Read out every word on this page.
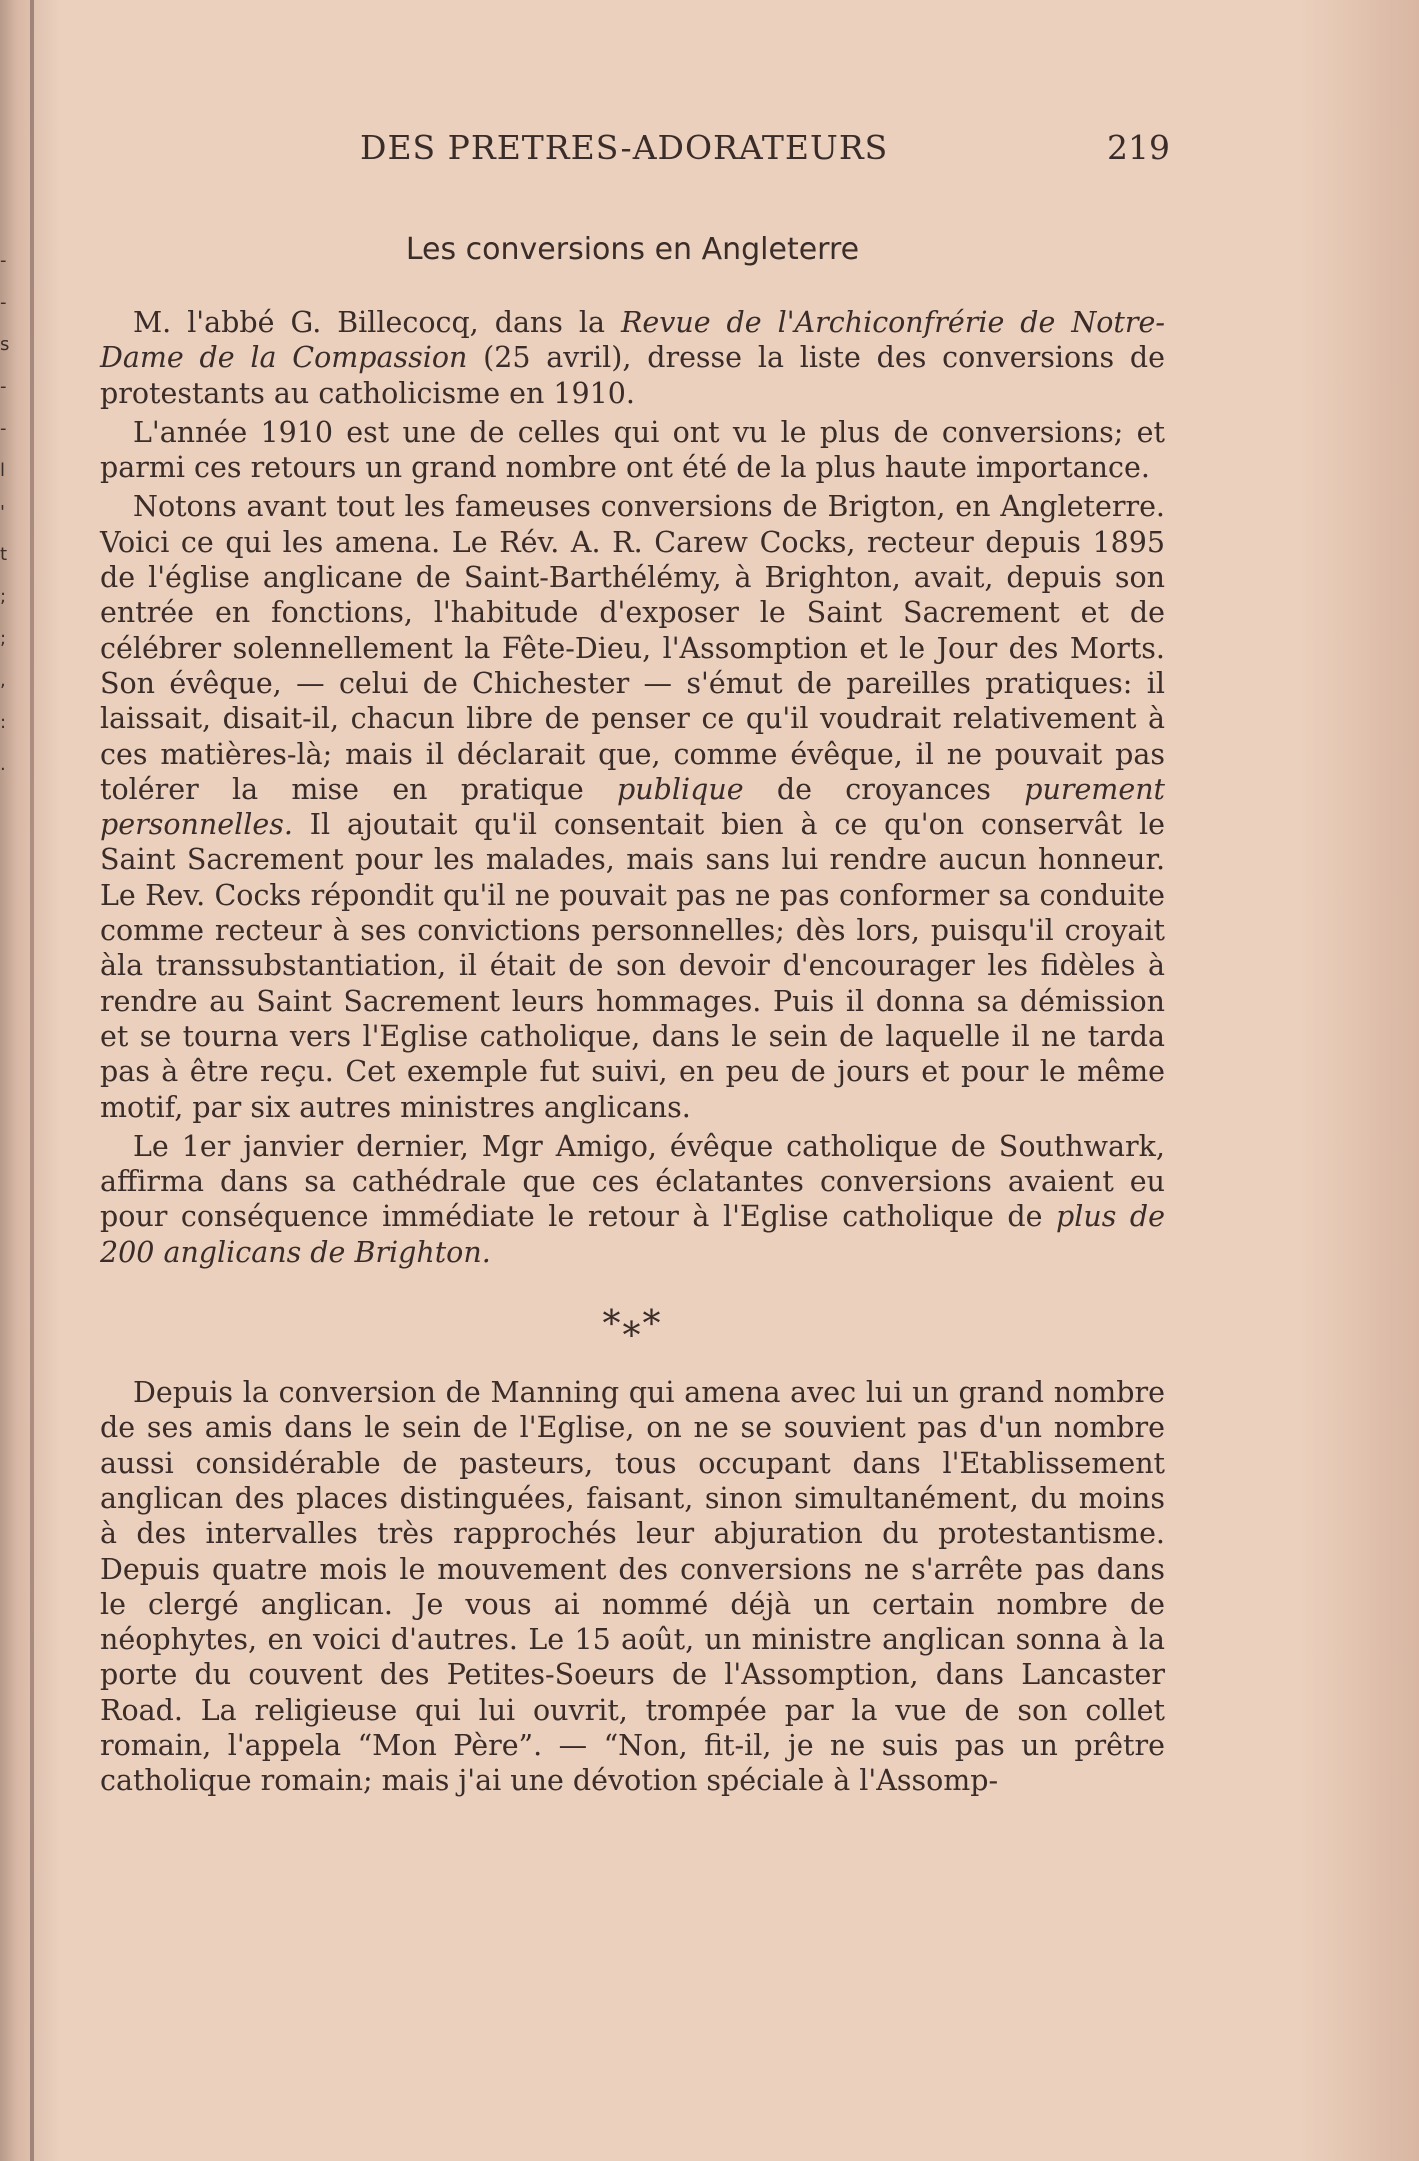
-
-
s
-
-
l
'
t
;
;
,
:
.
DES PRETRES-ADORATEURS	219
Les conversions en Angleterre

M. l'abbé G. Billecocq, dans la Revue de l'Archiconfrérie de Notre-Dame de la Compassion (25 avril), dresse la liste des conversions de protestants au catholicisme en 1910.

L'année 1910 est une de celles qui ont vu le plus de conversions; et parmi ces retours un grand nombre ont été de la plus haute importance.

Notons avant tout les fameuses conversions de Brigton, en Angleterre. Voici ce qui les amena. Le Rév. A. R. Carew Cocks, recteur depuis 1895 de l'église anglicane de Saint-Barthélémy, à Brighton, avait, depuis son entrée en fonctions, l'habitude d'exposer le Saint Sacrement et de célébrer solennellement la Fête-Dieu, l'Assomption et le Jour des Morts. Son évêque, — celui de Chichester — s'émut de pareilles pratiques: il laissait, disait-il, chacun libre de penser ce qu'il voudrait relativement à ces matières-là; mais il déclarait que, comme évêque, il ne pouvait pas tolérer la mise en pratique publique de croyances purement personnelles. Il ajoutait qu'il consentait bien à ce qu'on conservât le Saint Sacrement pour les malades, mais sans lui rendre aucun honneur. Le Rev. Cocks répondit qu'il ne pouvait pas ne pas conformer sa conduite comme recteur à ses convictions personnelles; dès lors, puisqu'il croyait àla transsubstantiation, il était de son devoir d'encourager les fidèles à rendre au Saint Sacrement leurs hommages. Puis il donna sa démission et se tourna vers l'Eglise catholique, dans le sein de laquelle il ne tarda pas à être reçu. Cet exemple fut suivi, en peu de jours et pour le même motif, par six autres ministres anglicans.

Le 1er janvier dernier, Mgr Amigo, évêque catholique de Southwark, affirma dans sa cathédrale que ces éclatantes conversions avaient eu pour conséquence immédiate le retour à l'Eglise catholique de plus de 200 anglicans de Brighton.

*⁎*

Depuis la conversion de Manning qui amena avec lui un grand nombre de ses amis dans le sein de l'Eglise, on ne se souvient pas d'un nombre aussi considérable de pasteurs, tous occupant dans l'Etablissement anglican des places distinguées, faisant, sinon simultanément, du moins à des intervalles très rapprochés leur abjuration du protestantisme. Depuis quatre mois le mouvement des conversions ne s'arrête pas dans le clergé anglican. Je vous ai nommé déjà un certain nombre de néophytes, en voici d'autres. Le 15 août, un ministre anglican sonna à la porte du couvent des Petites-Soeurs de l'Assomption, dans Lancaster Road. La religieuse qui lui ouvrit, trompée par la vue de son collet romain, l'appela “Mon Père”. — “Non, fit-il, je ne suis pas un prêtre catholique romain; mais j'ai une dévotion spéciale à l'Assomp-
